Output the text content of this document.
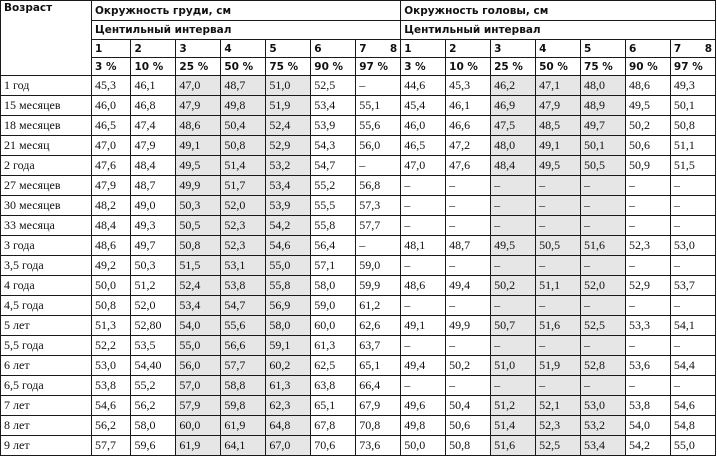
Возраст	Окружность груди, см							Окружность головы, см						
	Центильный интервал							Центильный интервал						
	1	2	3	4	5	6	7 8	1	2	3	4	5	6	7 8

	3 %	10 %	25 %	50 %	75 %	90 %	97 %	3 %	10 %	25 %	50 %	75 %	90 %	97 %
1 год	45,3	46,1	47,0	48,7	51,0	52,5	–	44,6	45,3	46,2	47,1	48,0	48,6	49,3
15 месяцев	46,0	46,8	47,9	49,8	51,9	53,4	55,1	45,4	46,1	46,9	47,9	48,9	49,5	50,1
18 месяцев	46,5	47,4	48,6	50,4	52,4	53,9	55,6	46,0	46,6	47,5	48,5	49,7	50,2	50,8
21 месяц	47,0	47,9	49,1	50,8	52,9	54,3	56,0	46,5	47,2	48,0	49,1	50,1	50,6	51,1
2 года	47,6	48,4	49,5	51,4	53,2	54,7	–	47,0	47,6	48,4	49,5	50,5	50,9	51,5
27 месяцев	47,9	48,7	49,9	51,7	53,4	55,2	56,8	–	–	–	–	–	–	–
30 месяцев	48,2	49,0	50,3	52,0	53,9	55,5	57,3	–	–	–	–	–	–	–
33 месяца	48,4	49,3	50,5	52,3	54,2	55,8	57,7	–	–	–	–	–	–	–
3 года	48,6	49,7	50,8	52,3	54,6	56,4	–	48,1	48,7	49,5	50,5	51,6	52,3	53,0
3,5 года	49,2	50,3	51,5	53,1	55,0	57,1	59,0	–	–	–	–	–	–	–
4 года	50,0	51,2	52,4	53,8	55,8	58,0	59,9	48,6	49,4	50,2	51,1	52,0	52,9	53,7
4,5 года	50,8	52,0	53,4	54,7	56,9	59,0	61,2	–	–	–	–	–	–	–
5 лет	51,3	52,80	54,0	55,6	58,0	60,0	62,6	49,1	49,9	50,7	51,6	52,5	53,3	54,1
5,5 года	52,2	53,5	55,0	56,6	59,1	61,3	63,7	–	–	–	–	–	–	–
6 лет	53,0	54,40	56,0	57,7	60,2	62,5	65,1	49,4	50,2	51,0	51,9	52,8	53,6	54,4
6,5 года	53,8	55,2	57,0	58,8	61,3	63,8	66,4	–	–	–	–	–	–	–
7 лет	54,6	56,2	57,9	59,8	62,3	65,1	67,9	49,6	50,4	51,2	52,1	53,0	53,8	54,6
8 лет	56,2	58,0	60,0	61,9	64,8	67,8	70,8	49,8	50,6	51,4	52,3	53,2	54,0	54,8
9 лет	57,7	59,6	61,9	64,1	67,0	70,6	73,6	50,0	50,8	51,6	52,5	53,4	54,2	55,0
